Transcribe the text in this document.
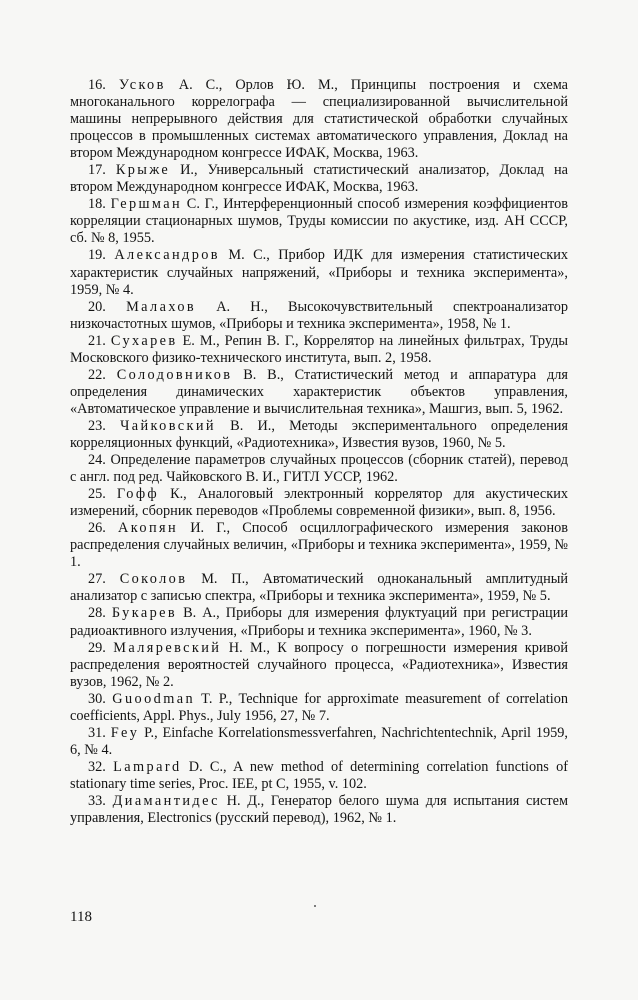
16. Усков А. С., Орлов Ю. М., Принципы построения и схема многоканального коррелографа — специализированной вычислительной машины непрерывного действия для статистической обработки случайных процессов в промышленных системах автоматического управления, Доклад на втором Международном конгрессе ИФАК, Москва, 1963.

17. Крыже И., Универсальный статистический анализатор, Доклад на втором Международном конгрессе ИФАК, Москва, 1963.

18. Гершман С. Г., Интерференционный способ измерения коэффициентов корреляции стационарных шумов, Труды комиссии по акустике, изд. АН СССР, сб. № 8, 1955.

19. Александров М. С., Прибор ИДК для измерения статистических характеристик случайных напряжений, «Приборы и техника эксперимента», 1959, № 4.

20. Малахов А. Н., Высокочувствительный спектроанализатор низкочастотных шумов, «Приборы и техника эксперимента», 1958, № 1.

21. Сухарев Е. М., Репин В. Г., Коррелятор на линейных фильтрах, Труды Московского физико-технического института, вып. 2, 1958.

22. Солодовников В. В., Статистический метод и аппаратура для определения динамических характеристик объектов управления, «Автоматическое управление и вычислительная техника», Машгиз, вып. 5, 1962.

23. Чайковский В. И., Методы экспериментального определения корреляционных функций, «Радиотехника», Известия вузов, 1960, № 5.

24. Определение параметров случайных процессов (сборник статей), перевод с англ. под ред. Чайковского В. И., ГИТЛ УССР, 1962.

25. Гофф К., Аналоговый электронный коррелятор для акустических измерений, сборник переводов «Проблемы современной физики», вып. 8, 1956.

26. Акопян И. Г., Способ осциллографического измерения законов распределения случайных величин, «Приборы и техника эксперимента», 1959, № 1.

27. Соколов М. П., Автоматический одноканальный амплитудный анализатор с записью спектра, «Приборы и техника эксперимента», 1959, № 5.

28. Букарев В. А., Приборы для измерения флуктуаций при регистрации радиоактивного излучения, «Приборы и техника эксперимента», 1960, № 3.

29. Маляревский Н. М., К вопросу о погрешности измерения кривой распределения вероятностей случайного процесса, «Радиотехника», Известия вузов, 1962, № 2.

30. Guoodman T. P., Technique for approximate measurement of correlation coefficients, Appl. Phys., July 1956, 27, № 7.

31. Fey P., Einfache Korrelationsmessverfahren, Nachrichtentechnik, April 1959, 6, № 4.

32. Lampard D. C., A new method of determining correlation functions of stationary time series, Proc. IEE, pt C, 1955, v. 102.

33. Диамантидес Н. Д., Генератор белого шума для испытания систем управления, Electronics (русский перевод), 1962, № 1.

118
